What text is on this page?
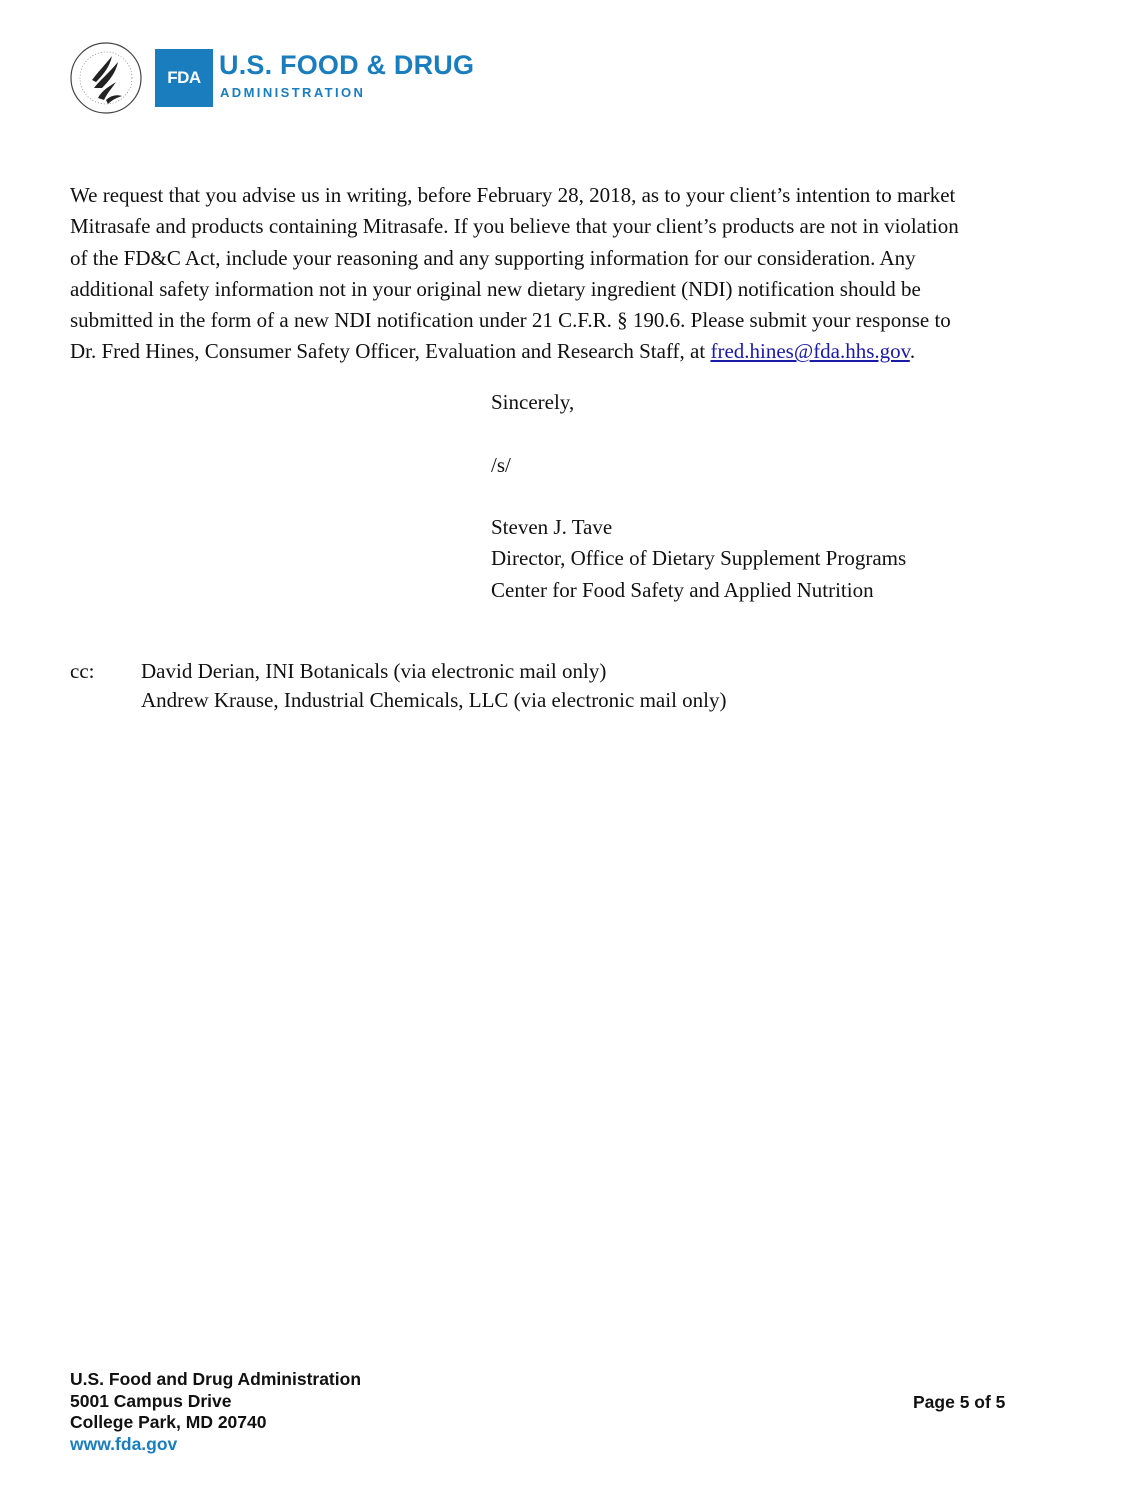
FDA U.S. FOOD & DRUG
ADMINISTRATION
We request that you advise us in writing, before February 28, 2018, as to your client’s intention to market
Mitrasafe and products containing Mitrasafe. If you believe that your client’s products are not in violation
of the FD&C Act, include your reasoning and any supporting information for our consideration. Any
additional safety information not in your original new dietary ingredient (NDI) notification should be
submitted in the form of a new NDI notification under 21 C.F.R. § 190.6. Please submit your response to
Dr. Fred Hines, Consumer Safety Officer, Evaluation and Research Staff, at fred.hines@fda.hhs.gov.
Sincerely,
/s/
Steven J. Tave
Director, Office of Dietary Supplement Programs
Center for Food Safety and Applied Nutrition
cc: David Derian, INI Botanicals (via electronic mail only)
Andrew Krause, Industrial Chemicals, LLC (via electronic mail only)
U.S. Food and Drug Administration
5001 Campus Drive
College Park, MD 20740
www.fda.gov
Page 5 of 5
